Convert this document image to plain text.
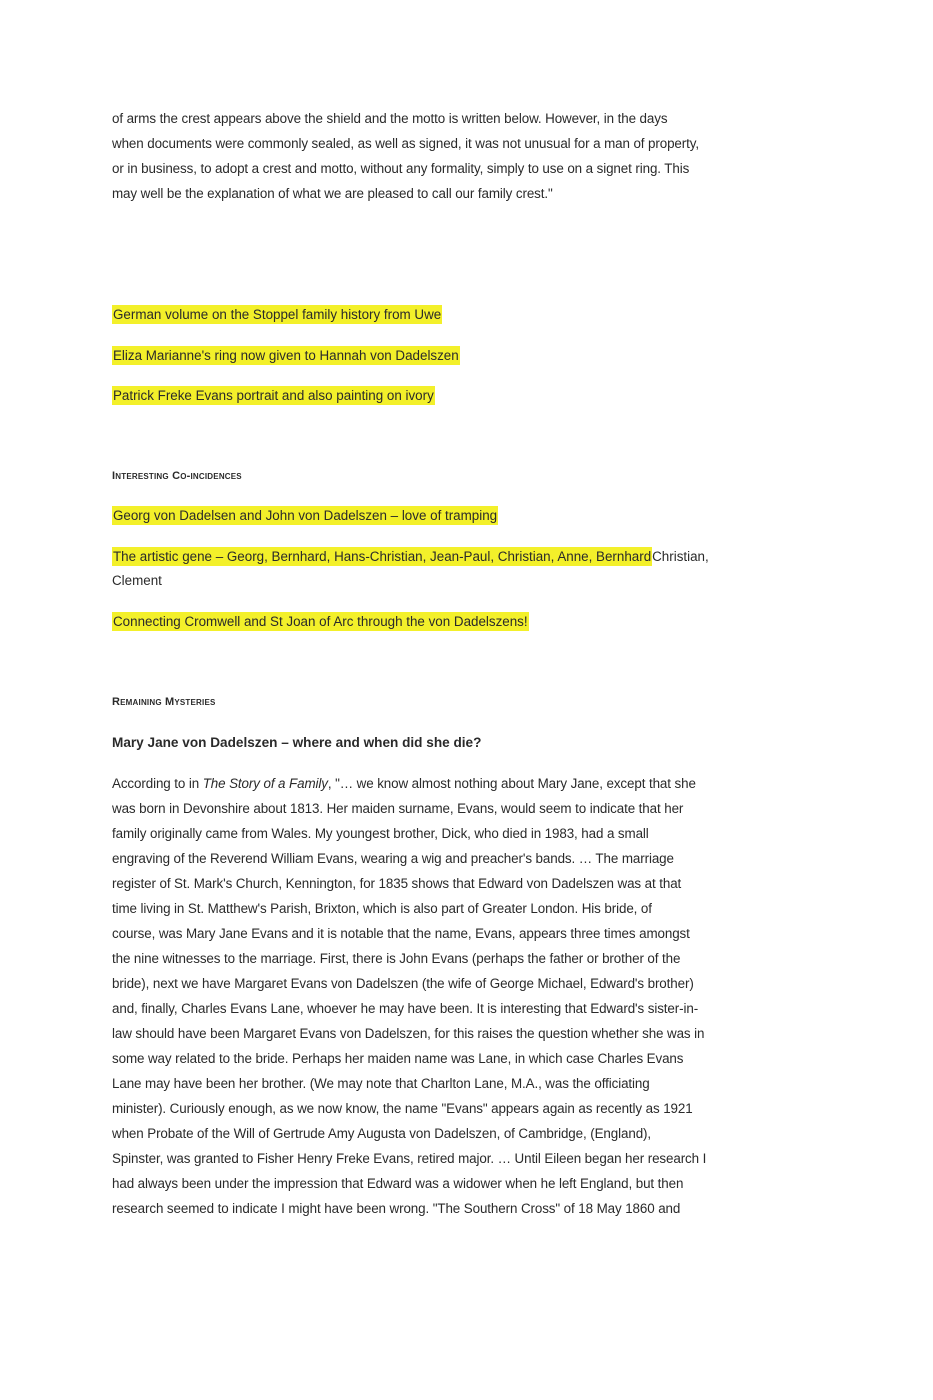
of arms the crest appears above the shield and the motto is written below. However, in the days

when documents were commonly sealed, as well as signed, it was not unusual for a man of property,

or in business, to adopt a crest and motto, without any formality, simply to use on a signet ring. This

may well be the explanation of what we are pleased to call our family crest."

German volume on the Stoppel family history from Uwe

Eliza Marianne's ring now given to Hannah von Dadelszen

Patrick Freke Evans portrait and also painting on ivory

Interesting Co-incidences

Georg von Dadelsen and John von Dadelszen – love of tramping

The artistic gene – Georg, Bernhard, Hans-Christian, Jean-Paul, Christian, Anne, BernhardChristian,

Clement

Connecting Cromwell and St Joan of Arc through the von Dadelszens!

Remaining Mysteries

Mary Jane von Dadelszen – where and when did she die?

According to in The Story of a Family, "… we know almost nothing about Mary Jane, except that she

was born in Devonshire about 1813. Her maiden surname, Evans, would seem to indicate that her

family originally came from Wales. My youngest brother, Dick, who died in 1983, had a small

engraving of the Reverend William Evans, wearing a wig and preacher's bands. … The marriage

register of St. Mark's Church, Kennington, for 1835 shows that Edward von Dadelszen was at that

time living in St. Matthew's Parish, Brixton, which is also part of Greater London. His bride, of

course, was Mary Jane Evans and it is notable that the name, Evans, appears three times amongst

the nine witnesses to the marriage. First, there is John Evans (perhaps the father or brother of the

bride), next we have Margaret Evans von Dadelszen (the wife of George Michael, Edward's brother)

and, finally, Charles Evans Lane, whoever he may have been. It is interesting that Edward's sister-in-

law should have been Margaret Evans von Dadelszen, for this raises the question whether she was in

some way related to the bride. Perhaps her maiden name was Lane, in which case Charles Evans

Lane may have been her brother. (We may note that Charlton Lane, M.A., was the officiating

minister). Curiously enough, as we now know, the name "Evans" appears again as recently as 1921

when Probate of the Will of Gertrude Amy Augusta von Dadelszen, of Cambridge, (England),

Spinster, was granted to Fisher Henry Freke Evans, retired major. … Until Eileen began her research I

had always been under the impression that Edward was a widower when he left England, but then

research seemed to indicate I might have been wrong. "The Southern Cross" of 18 May 1860 and
